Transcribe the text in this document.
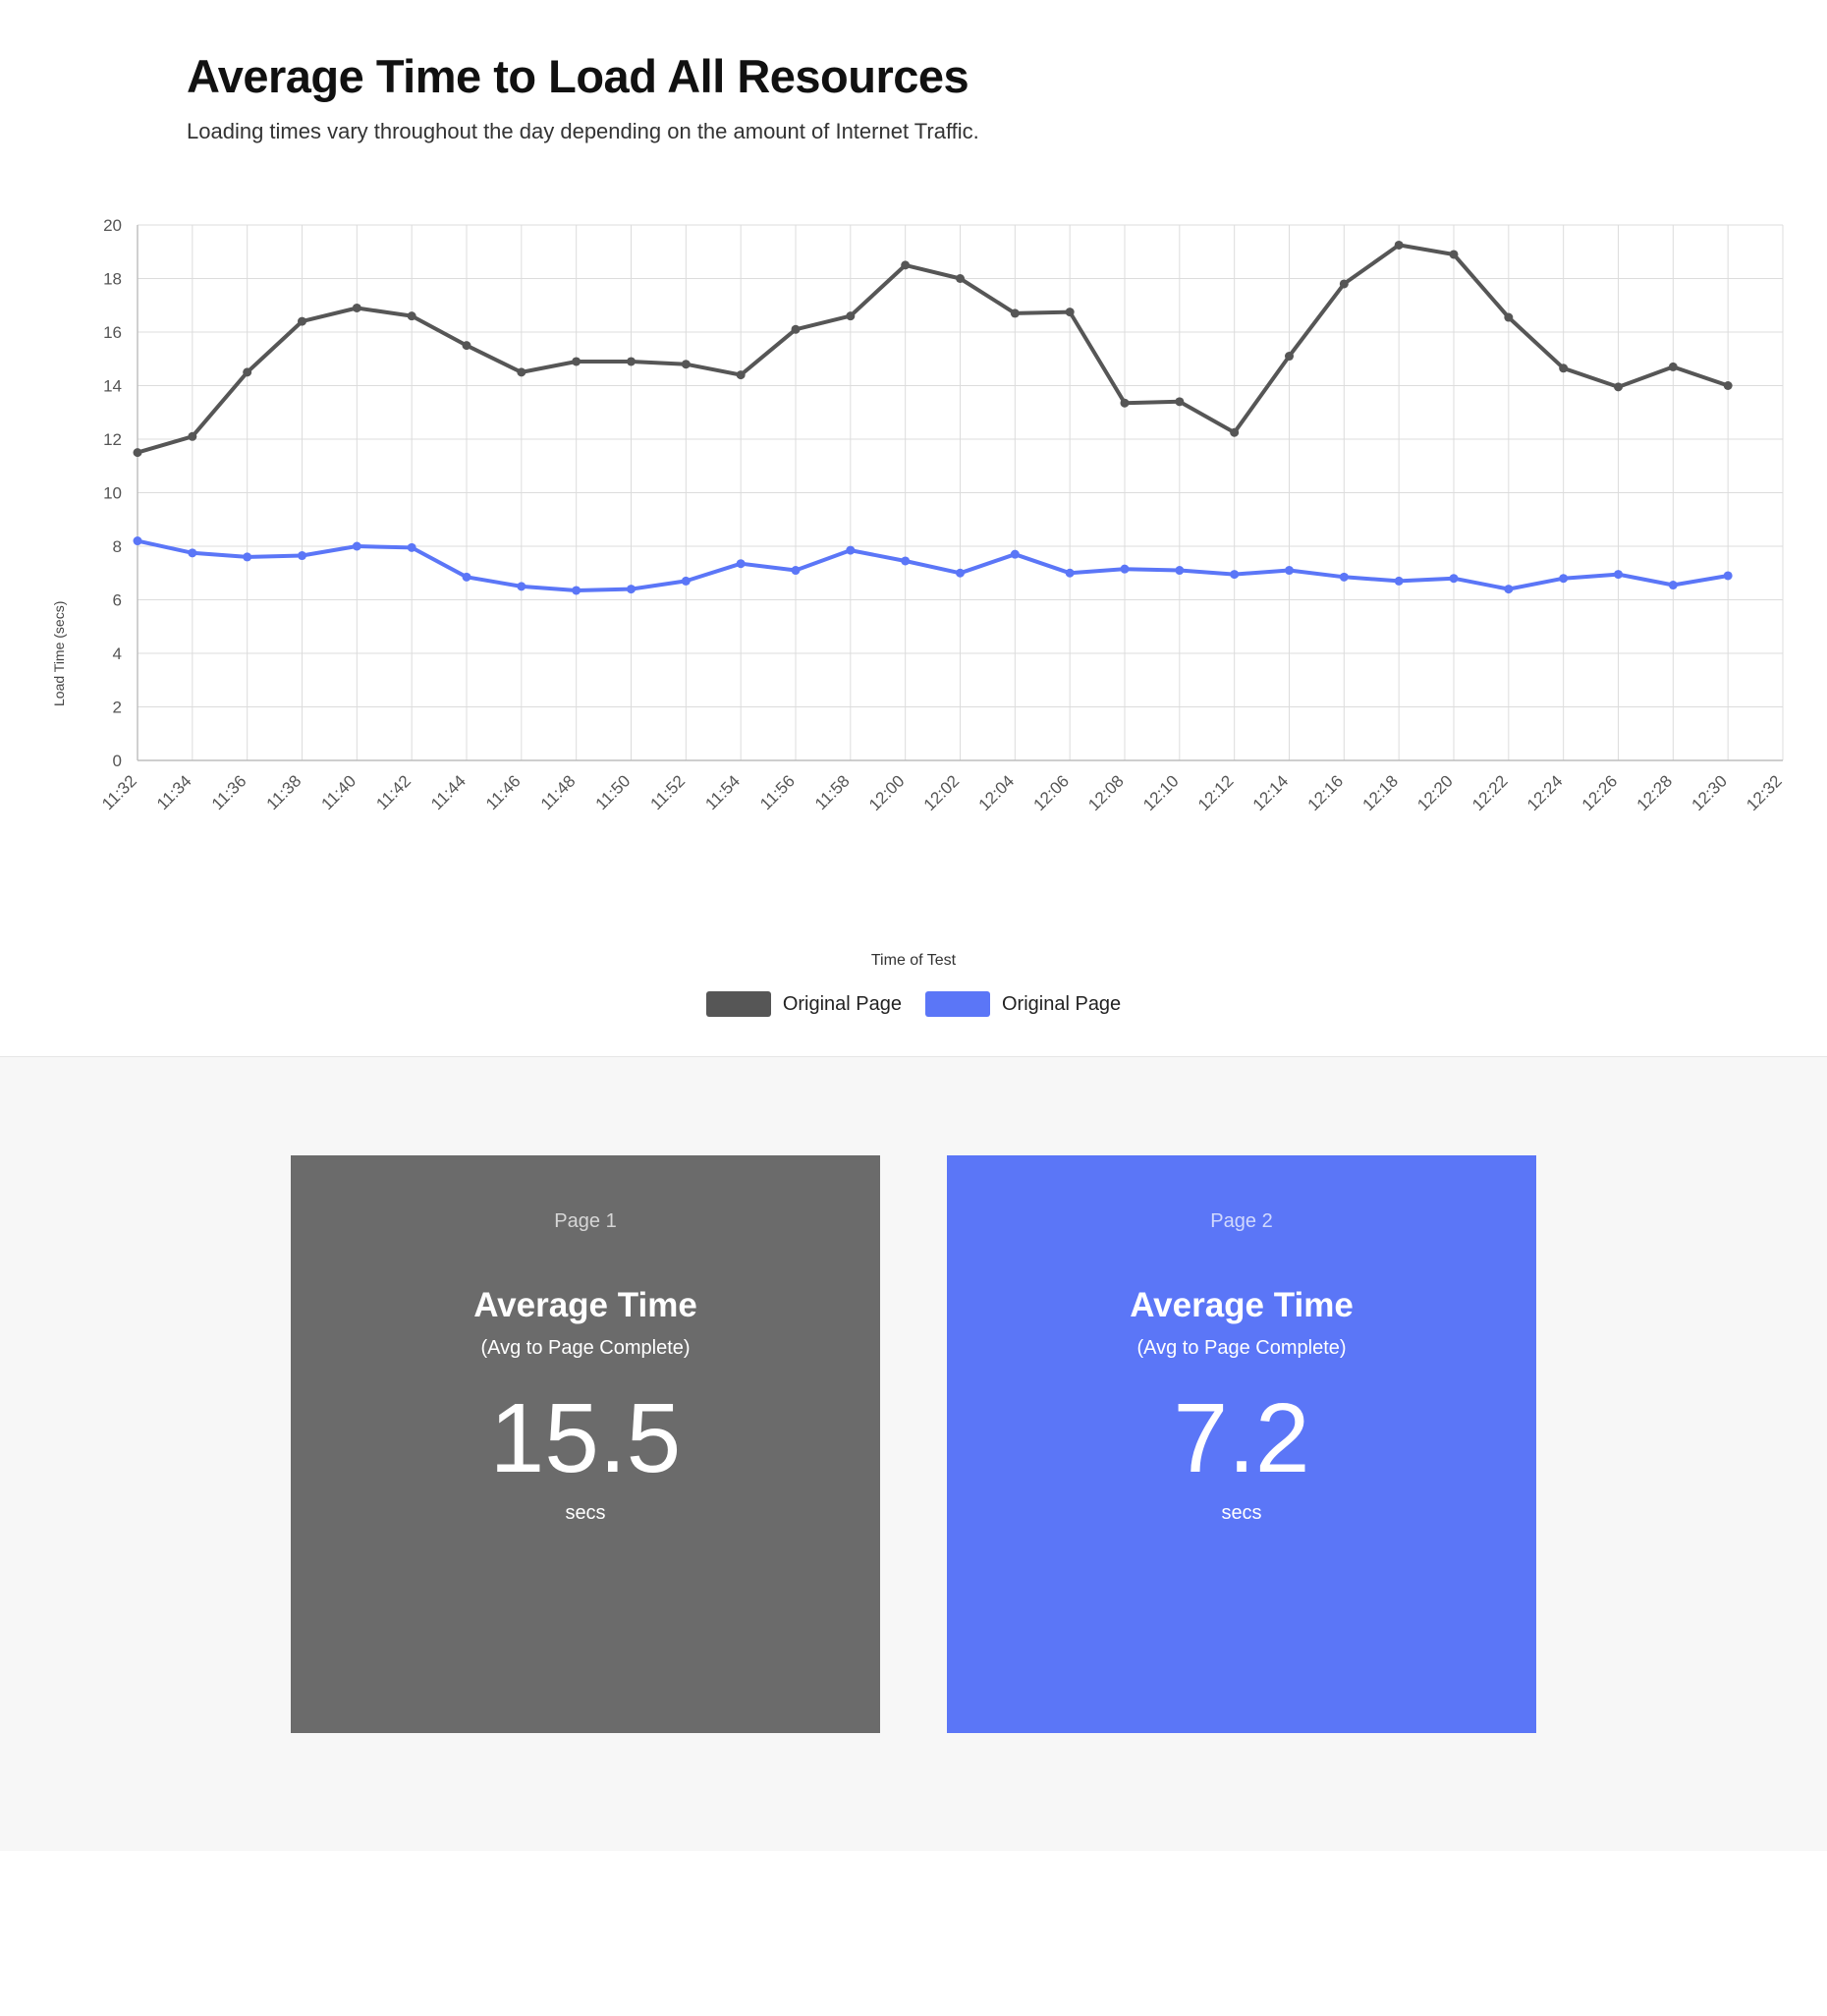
Average Time to Load All Resources

Loading times vary throughout the day depending on the amount of Internet Traffic.

Load Time (secs)
0
2
4
6
8
10
12
14
16
18
20
11:32 11:34 11:36 11:38 11:40 11:42 11:44 11:46 11:48 11:50 11:52 11:54 11:56 11:58 12:00 12:02 12:04 12:06 12:08 12:10 12:12 12:14 12:16 12:18 12:20 12:22 12:24 12:26 12:28 12:30 12:32
Time of Test
Original Page	Original Page
Page 1
Average Time
(Avg to Page Complete)
15.5
secs
Page 2
Average Time
(Avg to Page Complete)
7.2
secs
